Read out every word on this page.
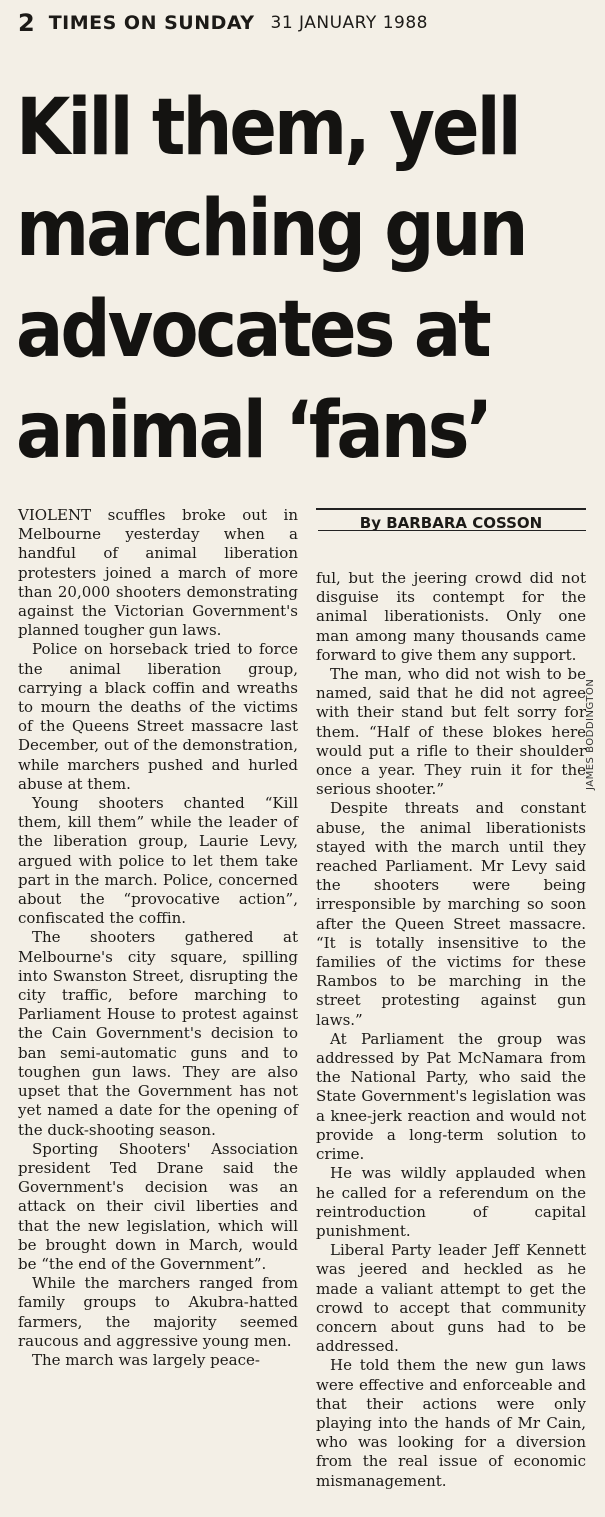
2 TIMES ON SUNDAY 31 JANUARY 1988
Kill them, yell
marching gun
advocates at
animal ‘fans’
By BARBARA COSSON

VIOLENT scuffles broke out in Melbourne yesterday when a handful of animal liberation protesters joined a march of more than 20,000 shooters demonstrating against the Victorian Government's planned tougher gun laws.

Police on horseback tried to force the animal liberation group, carrying a black coffin and wreaths to mourn the deaths of the victims of the Queens Street massacre last December, out of the demonstration, while marchers pushed and hurled abuse at them.

Young shooters chanted “Kill them, kill them” while the leader of the liberation group, Laurie Levy, argued with police to let them take part in the march. Police, concerned about the “provocative action”, confiscated the coffin.

The shooters gathered at Melbourne's city square, spilling into Swanston Street, disrupting the city traffic, before marching to Parliament House to protest against the Cain Government's decision to ban semi-automatic guns and to toughen gun laws. They are also upset that the Government has not yet named a date for the opening of the duck-shooting season.

Sporting Shooters' Association president Ted Drane said the Government's decision was an attack on their civil liberties and that the new legislation, which will be brought down in March, would be “the end of the Government”.

While the marchers ranged from family groups to Akubra-hatted farmers, the majority seemed raucous and aggressive young men.

The march was largely peace-

ful, but the jeering crowd did not disguise its contempt for the animal liberationists. Only one man among many thousands came forward to give them any support.

The man, who did not wish to be named, said that he did not agree with their stand but felt sorry for them. “Half of these blokes here would put a rifle to their shoulder once a year. They ruin it for the serious shooter.”

Despite threats and constant abuse, the animal liberationists stayed with the march until they reached Parliament. Mr Levy said the shooters were being irresponsible by marching so soon after the Queen Street massacre. “It is totally insensitive to the families of the victims for these Rambos to be marching in the street protesting against gun laws.”

At Parliament the group was addressed by Pat McNamara from the National Party, who said the State Government's legislation was a knee-jerk reaction and would not provide a long-term solution to crime.

He was wildly applauded when he called for a referendum on the reintroduction of capital punishment.

Liberal Party leader Jeff Kennett was jeered and heckled as he made a valiant attempt to get the crowd to accept that community concern about guns had to be addressed.

He told them the new gun laws were effective and enforceable and that their actions were only playing into the hands of Mr Cain, who was looking for a diversion from the real issue of economic mismanagement.

JAMES BODDINGTON
